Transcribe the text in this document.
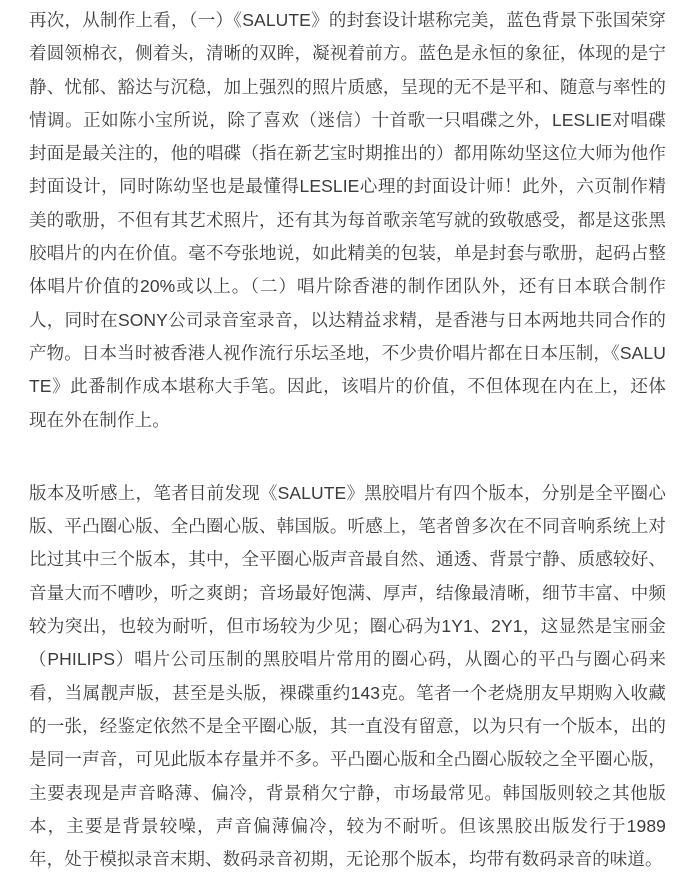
再次，从制作上看，（一）《SALUTE》的封套设计堪称完美，蓝色背景下张国荣穿着圆领棉衣，侧着头，清晰的双眸，凝视着前方。蓝色是永恒的象征，体现的是宁静、忧郁、豁达与沉稳，加上强烈的照片质感，呈现的无不是平和、随意与率性的情调。正如陈小宝所说，除了喜欢（迷信）十首歌一只唱碟之外，LESLIE对唱碟封面是最关注的，他的唱碟（指在新艺宝时期推出的）都用陈幼坚这位大师为他作封面设计，同时陈幼坚也是最懂得LESLIE心理的封面设计师！此外，六页制作精美的歌册，不但有其艺术照片，还有其为每首歌亲笔写就的致敬感受，都是这张黑胶唱片的内在价值。毫不夸张地说，如此精美的包装，单是封套与歌册，起码占整体唱片价值的20%或以上。（二）唱片除香港的制作团队外，还有日本联合制作人，同时在SONY公司录音室录音，以达精益求精，是香港与日本两地共同合作的产物。日本当时被香港人视作流行乐坛圣地，不少贵价唱片都在日本压制，《SALUTE》此番制作成本堪称大手笔。因此，该唱片的价值，不但体现在内在上，还体现在外在制作上。

版本及听感上，笔者目前发现《SALUTE》黑胶唱片有四个版本，分别是全平圈心版、平凸圈心版、全凸圈心版、韩国版。听感上，笔者曾多次在不同音响系统上对比过其中三个版本，其中，全平圈心版声音最自然、通透、背景宁静、质感较好、音量大而不嘈吵，听之爽朗；音场最好饱满、厚声，结像最清晰，细节丰富、中频较为突出，也较为耐听，但市场较为少见；圈心码为1Y1、2Y1，这显然是宝丽金（PHILIPS）唱片公司压制的黑胶唱片常用的圈心码，从圈心的平凸与圈心码来看，当属靓声版，甚至是头版，裸碟重约143克。笔者一个老烧朋友早期购入收藏的一张，经鉴定依然不是全平圈心版，其一直没有留意，以为只有一个版本，出的是同一声音，可见此版本存量并不多。平凸圈心版和全凸圈心版较之全平圈心版，主要表现是声音略薄、偏冷，背景稍欠宁静，市场最常见。韩国版则较之其他版本，主要是背景较噪，声音偏薄偏冷，较为不耐听。但该黑胶出版发行于1989年，处于模拟录音末期、数码录音初期，无论那个版本，均带有数码录音的味道。
